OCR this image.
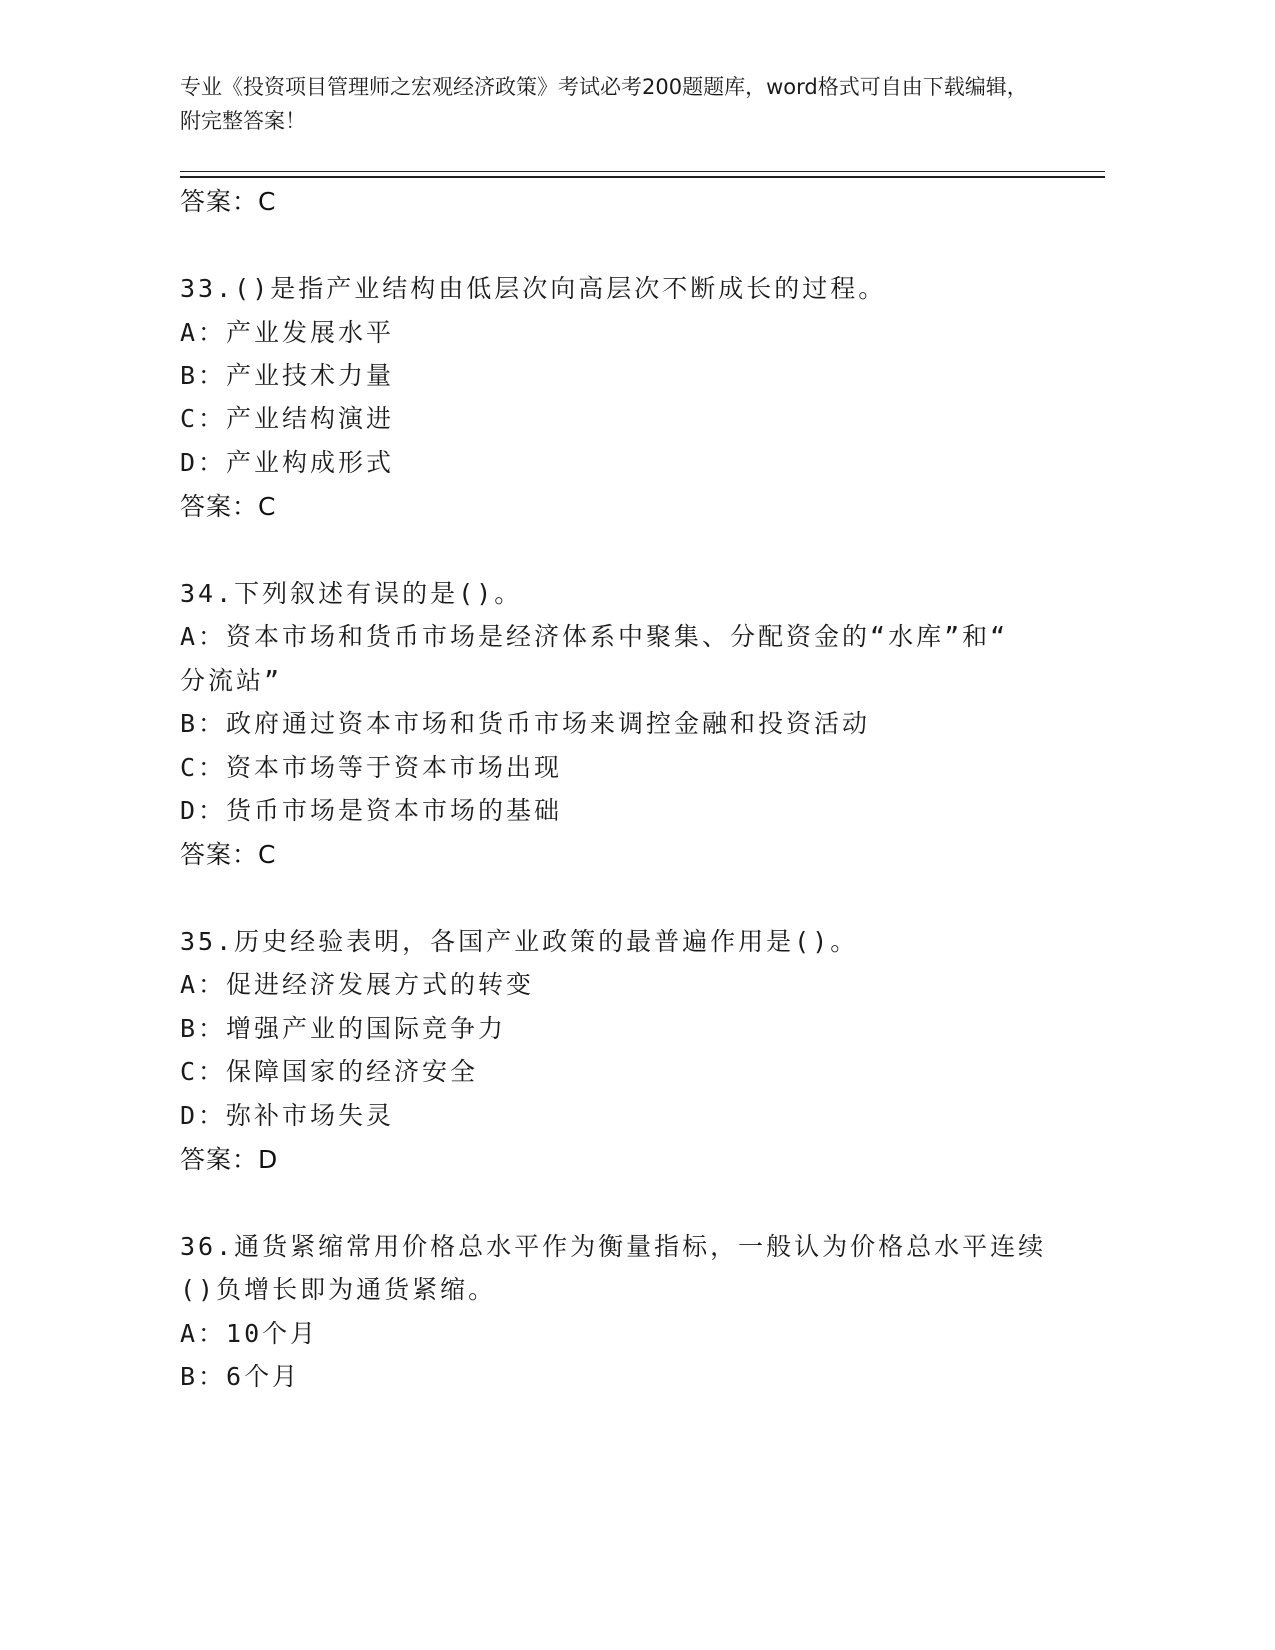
专业《投资项目管理师之宏观经济政策》考试必考200题题库，word格式可自由下载编辑，附完整答案！
答案：C
33.()是指产业结构由低层次向高层次不断成长的过程。
A：产业发展水平
B：产业技术力量
C：产业结构演进
D：产业构成形式
答案：C
34.下列叙述有误的是()。
A：资本市场和货币市场是经济体系中聚集、分配资金的“水库”和“
分流站”
B：政府通过资本市场和货币市场来调控金融和投资活动
C：资本市场等于资本市场出现
D：货币市场是资本市场的基础
答案：C
35.历史经验表明，各国产业政策的最普遍作用是()。
A：促进经济发展方式的转变
B：增强产业的国际竞争力
C：保障国家的经济安全
D：弥补市场失灵
答案：D
36.通货紧缩常用价格总水平作为衡量指标，一般认为价格总水平连续
()负增长即为通货紧缩。
A：10个月
B：6个月
